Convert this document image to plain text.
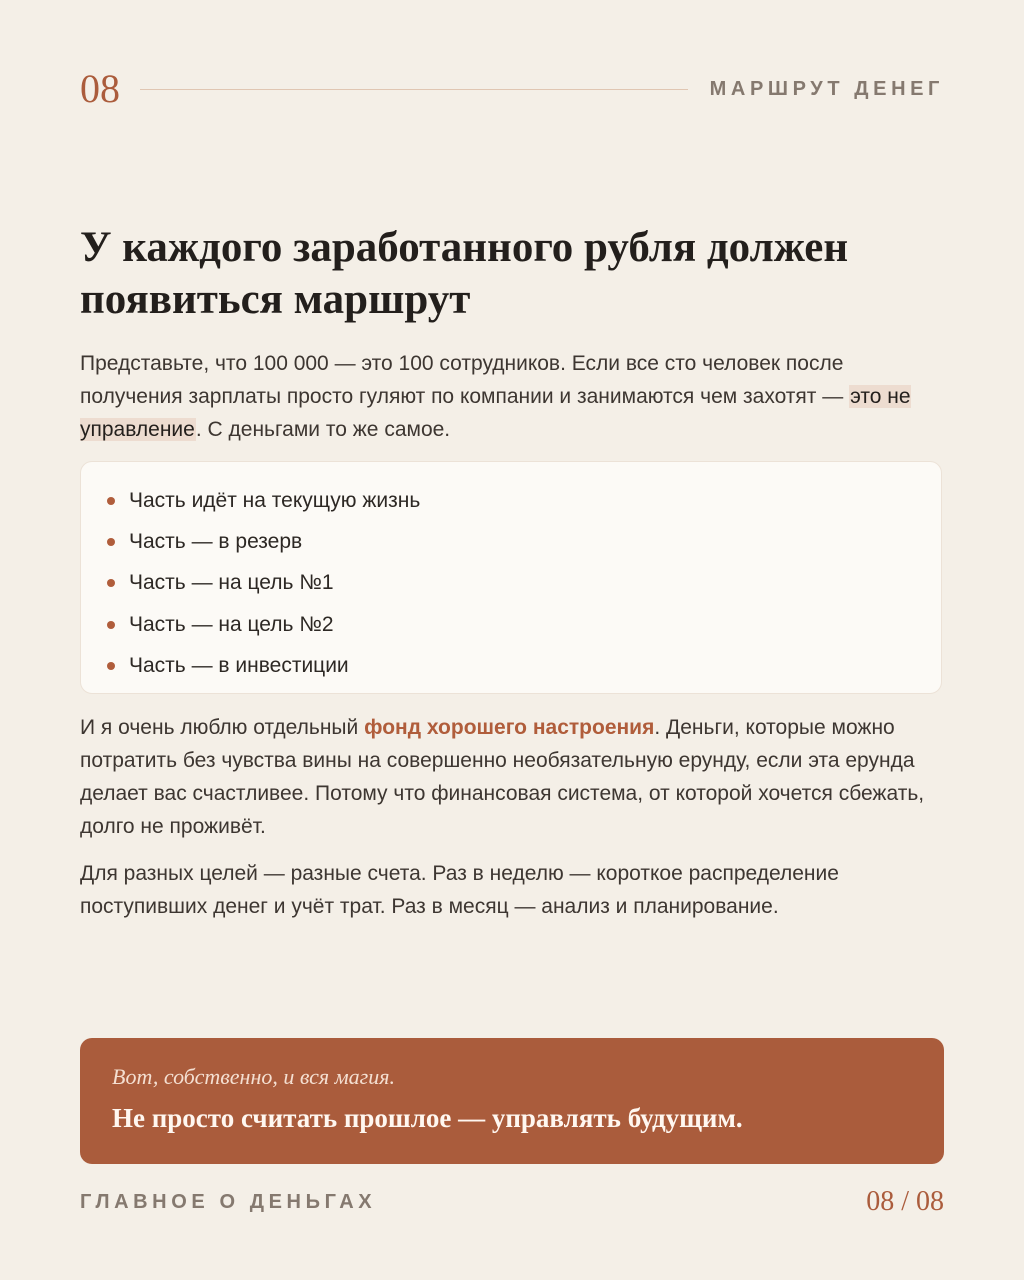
08	МАРШРУТ ДЕНЕГ
У каждого заработанного рубля должен появиться маршрут

Представьте, что 100 000 — это 100 сотрудников. Если все сто человек после получения зарплаты просто гуляют по компании и занимаются чем захотят — это не управление. С деньгами то же самое.

Часть идёт на текущую жизнь
Часть — в резерв
Часть — на цель №1
Часть — на цель №2
Часть — в инвестиции

И я очень люблю отдельный фонд хорошего настроения. Деньги, которые можно потратить без чувства вины на совершенно необязательную ерунду, если эта ерунда делает вас счастливее. Потому что финансовая система, от которой хочется сбежать, долго не проживёт.

Для разных целей — разные счета. Раз в неделю — короткое распределение поступивших денег и учёт трат. Раз в месяц — анализ и планирование.

Вот, собственно, и вся магия.
Не просто считать прошлое — управлять будущим.
ГЛАВНОЕ О ДЕНЬГАХ	08 / 08
